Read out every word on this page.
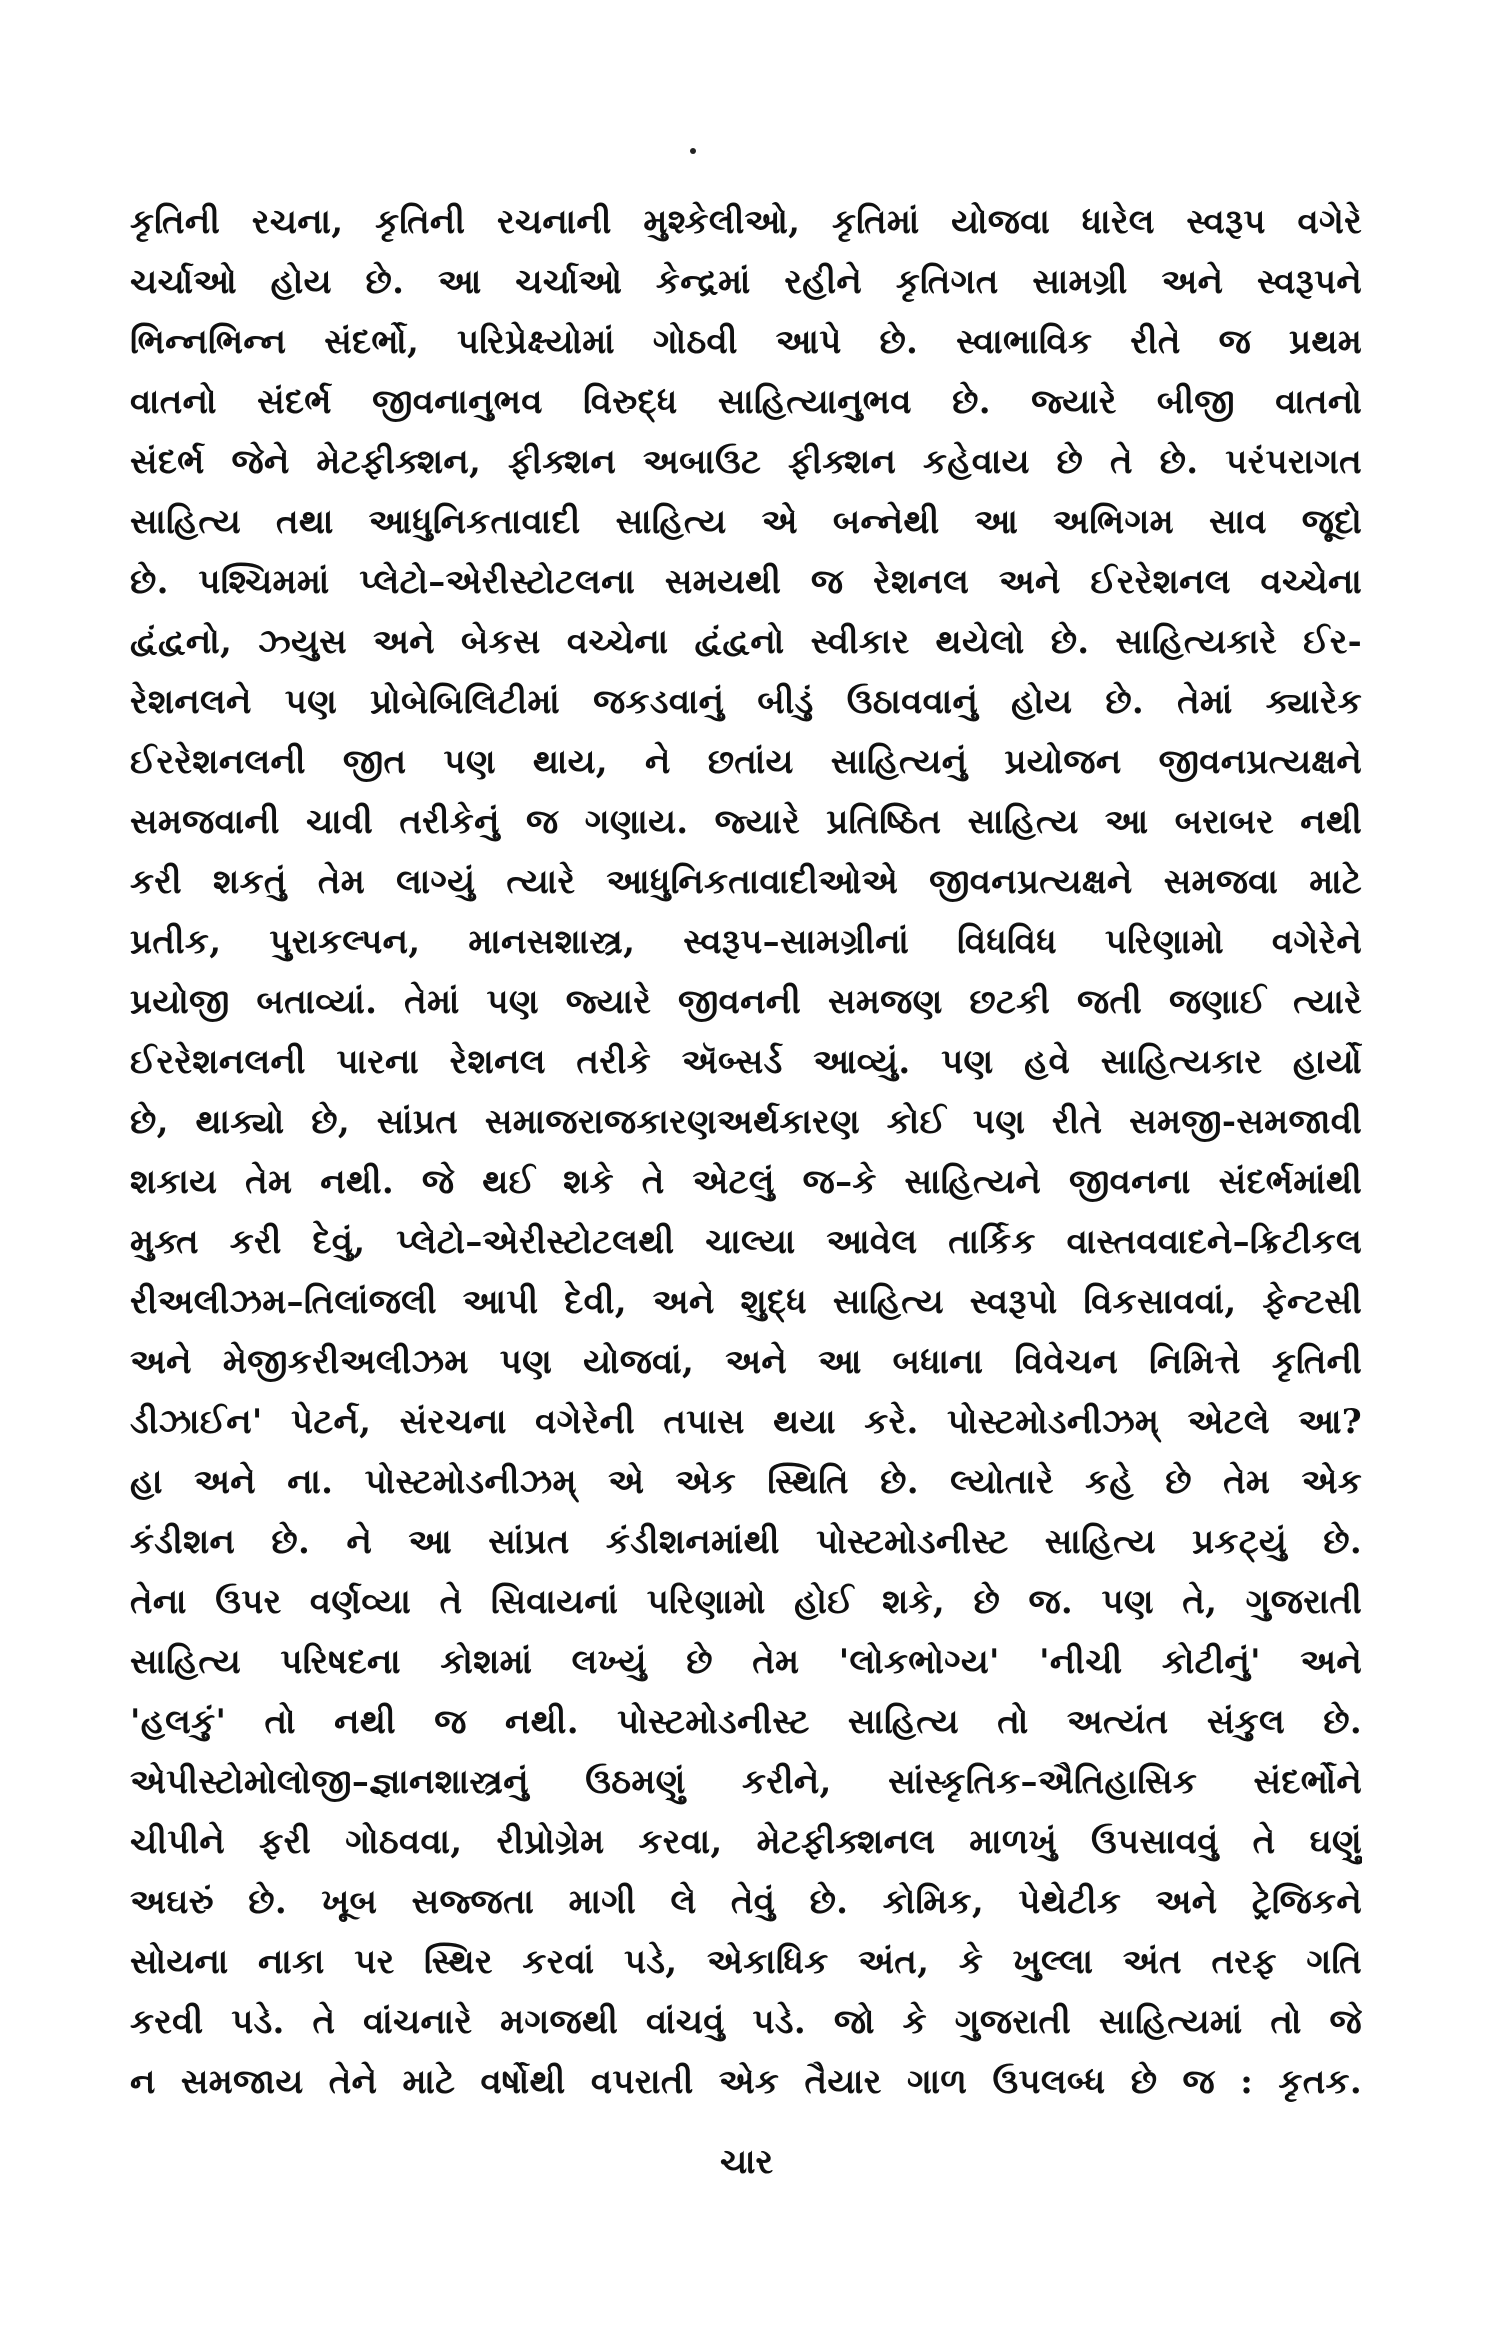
કૃતિની રચના, કૃતિની રચનાની મુશ્કેલીઓ, કૃતિમાં યોજવા ધારેલ સ્વરૂપ વગેરે
ચર્ચાઓ હોય છે. આ ચર્ચાઓ કેન્દ્રમાં રહીને કૃતિગત સામગ્રી અને સ્વરૂપને
ભિન્નભિન્ન સંદર્ભો, પરિપ્રેક્ષ્યોમાં ગોઠવી આપે છે. સ્વાભાવિક રીતે જ પ્રથમ
વાતનો સંદર્ભ જીવનાનુભવ વિરુદ્ધ સાહિત્યાનુભવ છે. જ્યારે બીજી વાતનો
સંદર્ભ જેને મેટફીક્શન, ફીક્શન અબાઉટ ફીક્શન કહેવાય છે તે છે. પરંપરાગત
સાહિત્ય તથા આધુનિકતાવાદી સાહિત્ય એ બન્નેથી આ અભિગમ સાવ જૂદો
છે. પશ્ચિમમાં પ્લેટો–એરીસ્ટોટલના સમયથી જ રેશનલ અને ઈરરેશનલ વચ્ચેના
દ્વંદ્વનો, ઝ્યુસ અને બેકસ વચ્ચેના દ્વંદ્વનો સ્વીકાર થયેલો છે. સાહિત્યકારે ઈર-
રેશનલને પણ પ્રોબેબિલિટીમાં જકડવાનું બીડું ઉઠાવવાનું હોય છે. તેમાં ક્યારેક
ઈરરેશનલની જીત પણ થાય, ને છતાંય સાહિત્યનું પ્રયોજન જીવનપ્રત્યક્ષને
સમજવાની ચાવી તરીકેનું જ ગણાય. જ્યારે પ્રતિષ્ઠિત સાહિત્ય આ બરાબર નથી
કરી શકતું તેમ લાગ્યું ત્યારે આધુનિકતાવાદીઓએ જીવનપ્રત્યક્ષને સમજવા માટે
પ્રતીક, પુરાકલ્પન, માનસશાસ્ત્ર, સ્વરૂપ–સામગ્રીનાં વિધવિધ પરિણામો વગેરેને
પ્રયોજી બતાવ્યાં. તેમાં પણ જ્યારે જીવનની સમજણ છટકી જતી જણાઈ ત્યારે
ઈરરેશનલની પારના રેશનલ તરીકે ઍબ્સર્ડ આવ્યું. પણ હવે સાહિત્યકાર હાર્યો
છે, થાક્યો છે, સાંપ્રત સમાજરાજકારણઅર્થકારણ કોઈ પણ રીતે સમજી-સમજાવી
શકાય તેમ નથી. જે થઈ શકે તે એટલું જ–કે સાહિત્યને જીવનના સંદર્ભમાંથી
મુક્ત કરી દેવું, પ્લેટો–એરીસ્ટોટલથી ચાલ્યા આવેલ તાર્કિક વાસ્તવવાદને–ક્રિટીકલ
રીઅલીઝમ–તિલાંજલી આપી દેવી, અને શુદ્ધ સાહિત્ય સ્વરૂપો વિકસાવવાં, ફેન્ટસી
અને મેજીકરીઅલીઝમ પણ યોજવાં, અને આ બધાના વિવેચન નિમિત્તે કૃતિની
ડીઝાઈન' પેટર્ન, સંરચના વગેરેની તપાસ થયા કરે. પોસ્ટમોડનીઝમ્ એટલે આ?
હા અને ના. પોસ્ટમોડનીઝમ્ એ એક સ્થિતિ છે. લ્યોતારે કહે છે તેમ એક
કંડીશન છે. ને આ સાંપ્રત કંડીશનમાંથી પોસ્ટમોડનીસ્ટ સાહિત્ય પ્રકટ્યું છે.
તેના ઉપર વર્ણવ્યા તે સિવાયનાં પરિણામો હોઈ શકે, છે જ. પણ તે, ગુજરાતી
સાહિત્ય પરિષદના કોશમાં લખ્યું છે તેમ 'લોકભોગ્ય' 'નીચી કોટીનું' અને
'હલકું' તો નથી જ નથી. પોસ્ટમોડનીસ્ટ સાહિત્ય તો અત્યંત સંકુલ છે.
એપીસ્ટોમોલોજી–જ્ઞાનશાસ્ત્રનું ઉઠમણું કરીને, સાંસ્કૃતિક–ઐતિહાસિક સંદર્ભોને
ચીપીને ફરી ગોઠવવા, રીપ્રોગ્રેમ કરવા, મેટફીક્શનલ માળખું ઉપસાવવું તે ઘણું
અઘરું છે. ખૂબ સજ્જતા માગી લે તેવું છે. કોમિક, પેથેટીક અને ટ્રેજિકને
સોયના નાકા પર સ્થિર કરવાં પડે, એકાધિક અંત, કે ખુલ્લા અંત તરફ ગતિ
કરવી પડે. તે વાંચનારે મગજથી વાંચવું પડે. જો કે ગુજરાતી સાહિત્યમાં તો જે
ન સમજાય તેને માટે વર્ષોથી વપરાતી એક તૈયાર ગાળ ઉપલબ્ધ છે જ : કૃતક.
ચાર
